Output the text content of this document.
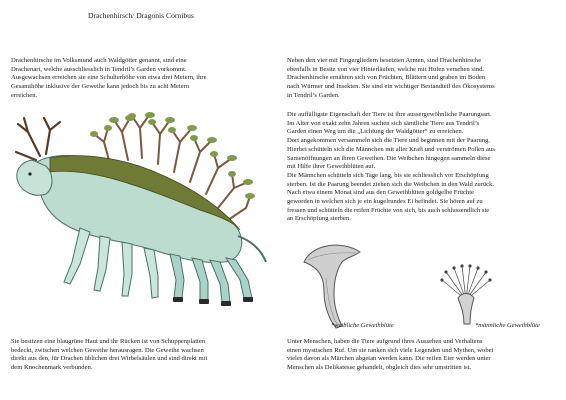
Drachenhirsch/ Dragonis Cornibus

Drachenhirsche im Volksmund auch Waldgötter genannt, sind eine
Drachenart, welche ausschliesslich in Tendril’s Garden vorkommt.
Ausgewachsen erreichen sie eine Schulterhöhe von etwa drei Metern, ihre
Gesamthöhe inklusive der Geweihe kann jedoch bis zu acht Metern
erreichen.

Sie besitzen eine blaugrüne Haut und ihr Rücken ist von Schuppenplatten
bedeckt, zwischen welchen Geweihe herausragen. Die Geweihe wachsen
direkt aus den, für Drachen üblichen drei Wirbelsäulen und sind direkt mit
dem Knochenmark verbunden.

Neben den vier mit Fingergliedern besetzten Armen, sind Drachenhirsche
ebenfalls in Besitz von vier Hinterläufen, welche mit Hufen versehen sind.
Drachenhirsche ernähren sich von Früchten, Blättern und graben im Boden
nach Würmer und Insekten. Sie sind ein wichtiger Bestandteil des Ökosystems
in Tendril’s Garden.

Die auffälligste Eigenschaft der Tiere ist ihre aussergewöhnliche Paarungsart.
Im Alter von exakt zehn Jahren suchen sich sämtliche Tiere aus Tendril’s
Garden einen Weg um die „Lichtung der Waldgötter“ zu erreichen.
Dort angekommen versammeln sich die Tiere und beginnen mit der Paarung.
Hierbei schütteln sich die Männchen mit aller Kraft und verströmen Pollen aus
Samenöffnungen an ihren Geweihen. Die Weibchen hingegen sammeln diese
mit Hilfe ihrer Geweihblüten auf.
Die Männchen schütteln sich Tage lang, bis sie schliesslich vor Erschöpfung
sterben. Ist die Paarung beendet ziehen sich die Weibchen in den Wald zurück.
Nach etwa einem Monat sind aus den Geweihblüten goldgelbe Früchte
geworden in welchen sich je ein kugelrundes Ei befindet. Sie hören auf zu
fressen und schütteln die reifen Früchte von sich, bis auch schlussendlich sie
an Erschöpfung sterben.

*weibliche Geweihblüte	*männliche Geweihblüte

Unter Menschen, haben die Tiere aufgrund ihres Aussehen und Verhaltens
einen mystischen Ruf. Um sie ranken sich viele Legenden und Mythen, wobei
vieles davon als Märchen abgetan werden kann. Die reifen Eier werden unter
Menschen als Delikatesse gehandelt, obgleich dies sehr umstritten ist.
